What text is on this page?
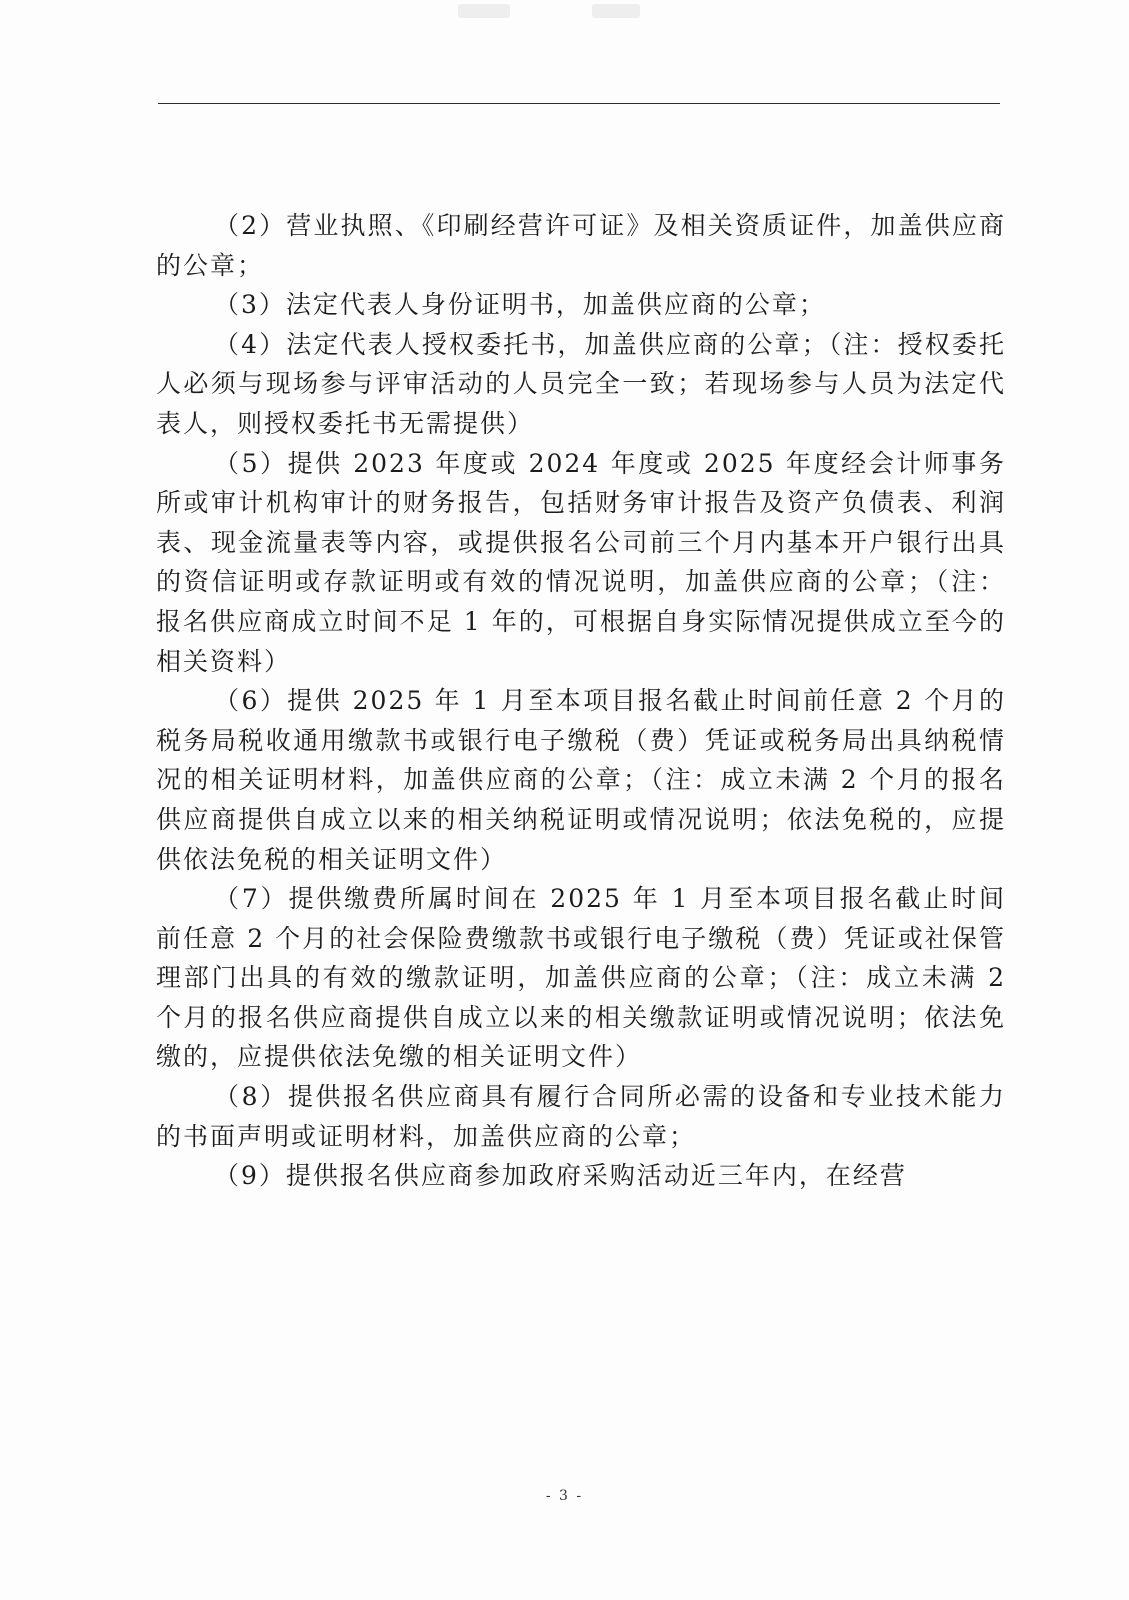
（2）营业执照、《印刷经营许可证》及相关资质证件，加盖供应商的公章；

（3）法定代表人身份证明书，加盖供应商的公章；

（4）法定代表人授权委托书，加盖供应商的公章；（注：授权委托人必须与现场参与评审活动的人员完全一致；若现场参与人员为法定代表人，则授权委托书无需提供）

（5）提供 2023 年度或 2024 年度或 2025 年度经会计师事务所或审计机构审计的财务报告，包括财务审计报告及资产负债表、利润表、现金流量表等内容，或提供报名公司前三个月内基本开户银行出具的资信证明或存款证明或有效的情况说明，加盖供应商的公章；（注：报名供应商成立时间不足 1 年的，可根据自身实际情况提供成立至今的相关资料）

（6）提供 2025 年 1 月至本项目报名截止时间前任意 2 个月的税务局税收通用缴款书或银行电子缴税（费）凭证或税务局出具纳税情况的相关证明材料，加盖供应商的公章；（注：成立未满 2 个月的报名供应商提供自成立以来的相关纳税证明或情况说明；依法免税的，应提供依法免税的相关证明文件）

（7）提供缴费所属时间在 2025 年 1 月至本项目报名截止时间前任意 2 个月的社会保险费缴款书或银行电子缴税（费）凭证或社保管理部门出具的有效的缴款证明，加盖供应商的公章；（注：成立未满 2 个月的报名供应商提供自成立以来的相关缴款证明或情况说明；依法免缴的，应提供依法免缴的相关证明文件）

（8）提供报名供应商具有履行合同所必需的设备和专业技术能力的书面声明或证明材料，加盖供应商的公章；

（9）提供报名供应商参加政府采购活动近三年内，在经营

- 3 -
